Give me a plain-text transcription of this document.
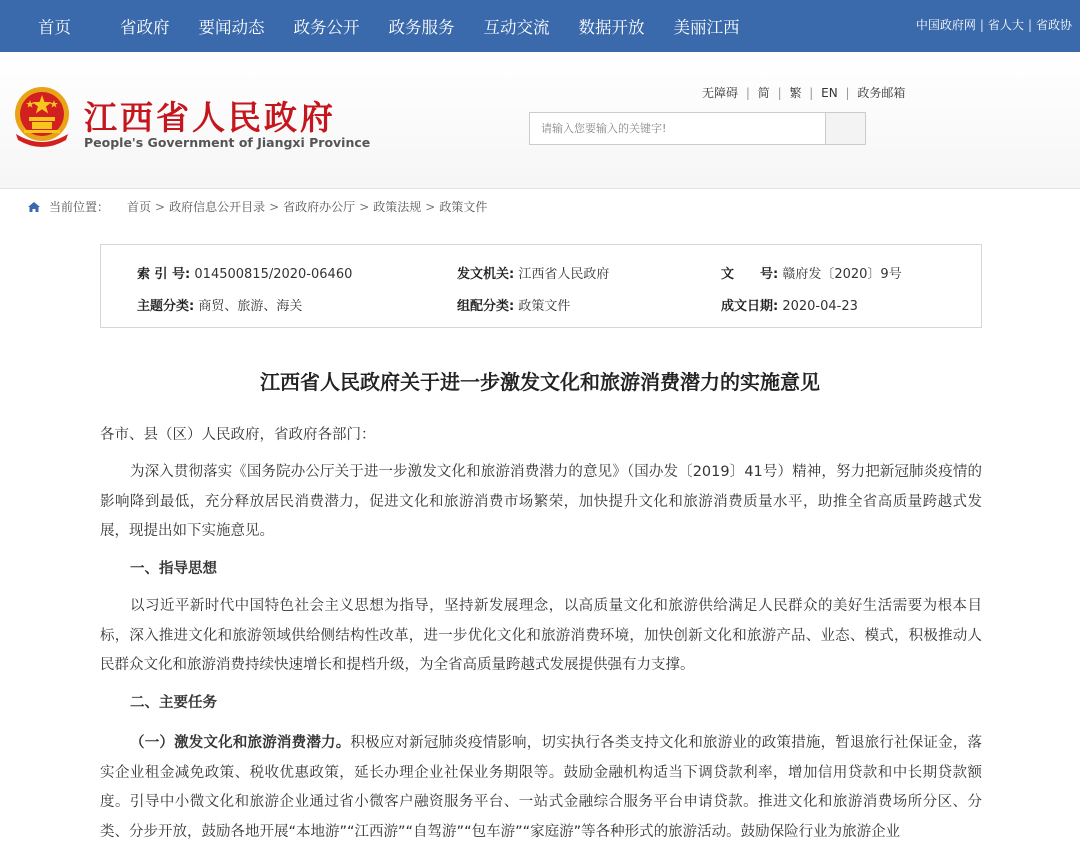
首页	省政府 要闻动态 政务公开 政务服务 互动交流 数据开放 美丽江西	中国政府网 | 省人大 | 省政协
江西省人民政府
People's Government of Jiangxi Province
无障碍 | 简 | 繁 | EN | 政务邮箱
请输入您要输入的关键字!
当前位置： 首页 > 政府信息公开目录 > 省政府办公厅 > 政策法规 > 政策文件
索 引 号: 014500815/2020-06460	发文机关: 江西省人民政府	文　　号: 赣府发〔2020〕9号
主题分类: 商贸、旅游、海关	组配分类: 政策文件	成文日期: 2020-04-23
江西省人民政府关于进一步激发文化和旅游消费潜力的实施意见
各市、县（区）人民政府，省政府各部门：
为深入贯彻落实《国务院办公厅关于进一步激发文化和旅游消费潜力的意见》（国办发〔2019〕41号）精神，努力把新冠肺炎疫情的影响降到最低，充分释放居民消费潜力，促进文化和旅游消费市场繁荣，加快提升文化和旅游消费质量水平，助推全省高质量跨越式发展，现提出如下实施意见。
一、指导思想
以习近平新时代中国特色社会主义思想为指导，坚持新发展理念，以高质量文化和旅游供给满足人民群众的美好生活需要为根本目标，深入推进文化和旅游领域供给侧结构性改革，进一步优化文化和旅游消费环境，加快创新文化和旅游产品、业态、模式，积极推动人民群众文化和旅游消费持续快速增长和提档升级，为全省高质量跨越式发展提供强有力支撑。
二、主要任务
（一）激发文化和旅游消费潜力。积极应对新冠肺炎疫情影响，切实执行各类支持文化和旅游业的政策措施，暂退旅行社保证金，落实企业租金减免政策、税收优惠政策，延长办理企业社保业务期限等。鼓励金融机构适当下调贷款利率，增加信用贷款和中长期贷款额度。引导中小微文化和旅游企业通过省小微客户融资服务平台、一站式金融综合服务平台申请贷款。推进文化和旅游消费场所分区、分类、分步开放，鼓励各地开展“本地游”“江西游”“自驾游”“包车游”“家庭游”等各种形式的旅游活动。鼓励保险行业为旅游企业
